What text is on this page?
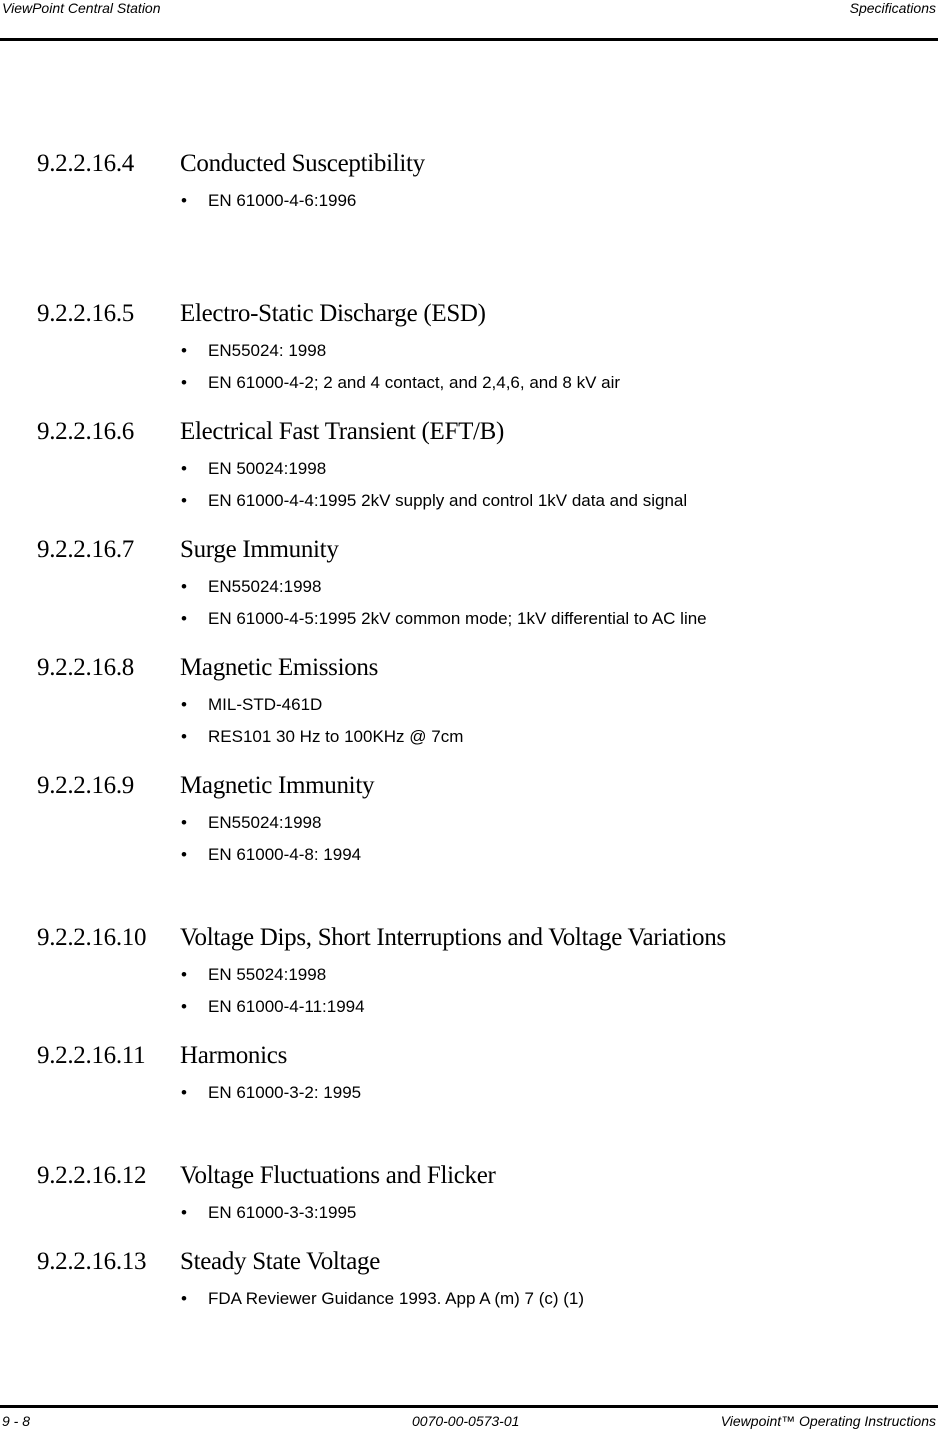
ViewPoint Central Station	Specifications
9.2.2.16.4 Conducted Susceptibility
• EN 61000-4-6:1996
9.2.2.16.5 Electro-Static Discharge (ESD)
• EN55024: 1998
• EN 61000-4-2; 2 and 4 contact, and 2,4,6, and 8 kV air
9.2.2.16.6 Electrical Fast Transient (EFT/B)
• EN 50024:1998
• EN 61000-4-4:1995 2kV supply and control 1kV data and signal
9.2.2.16.7 Surge Immunity
• EN55024:1998
• EN 61000-4-5:1995 2kV common mode; 1kV differential to AC line
9.2.2.16.8 Magnetic Emissions
• MIL-STD-461D
• RES101 30 Hz to 100KHz @ 7cm
9.2.2.16.9 Magnetic Immunity
• EN55024:1998
• EN 61000-4-8: 1994
9.2.2.16.10 Voltage Dips, Short Interruptions and Voltage Variations
• EN 55024:1998
• EN 61000-4-11:1994
9.2.2.16.11 Harmonics
• EN 61000-3-2: 1995
9.2.2.16.12 Voltage Fluctuations and Flicker
• EN 61000-3-3:1995
9.2.2.16.13 Steady State Voltage
• FDA Reviewer Guidance 1993. App A (m) 7 (c) (1)
9 - 8	0070-00-0573-01	Viewpoint™ Operating Instructions
